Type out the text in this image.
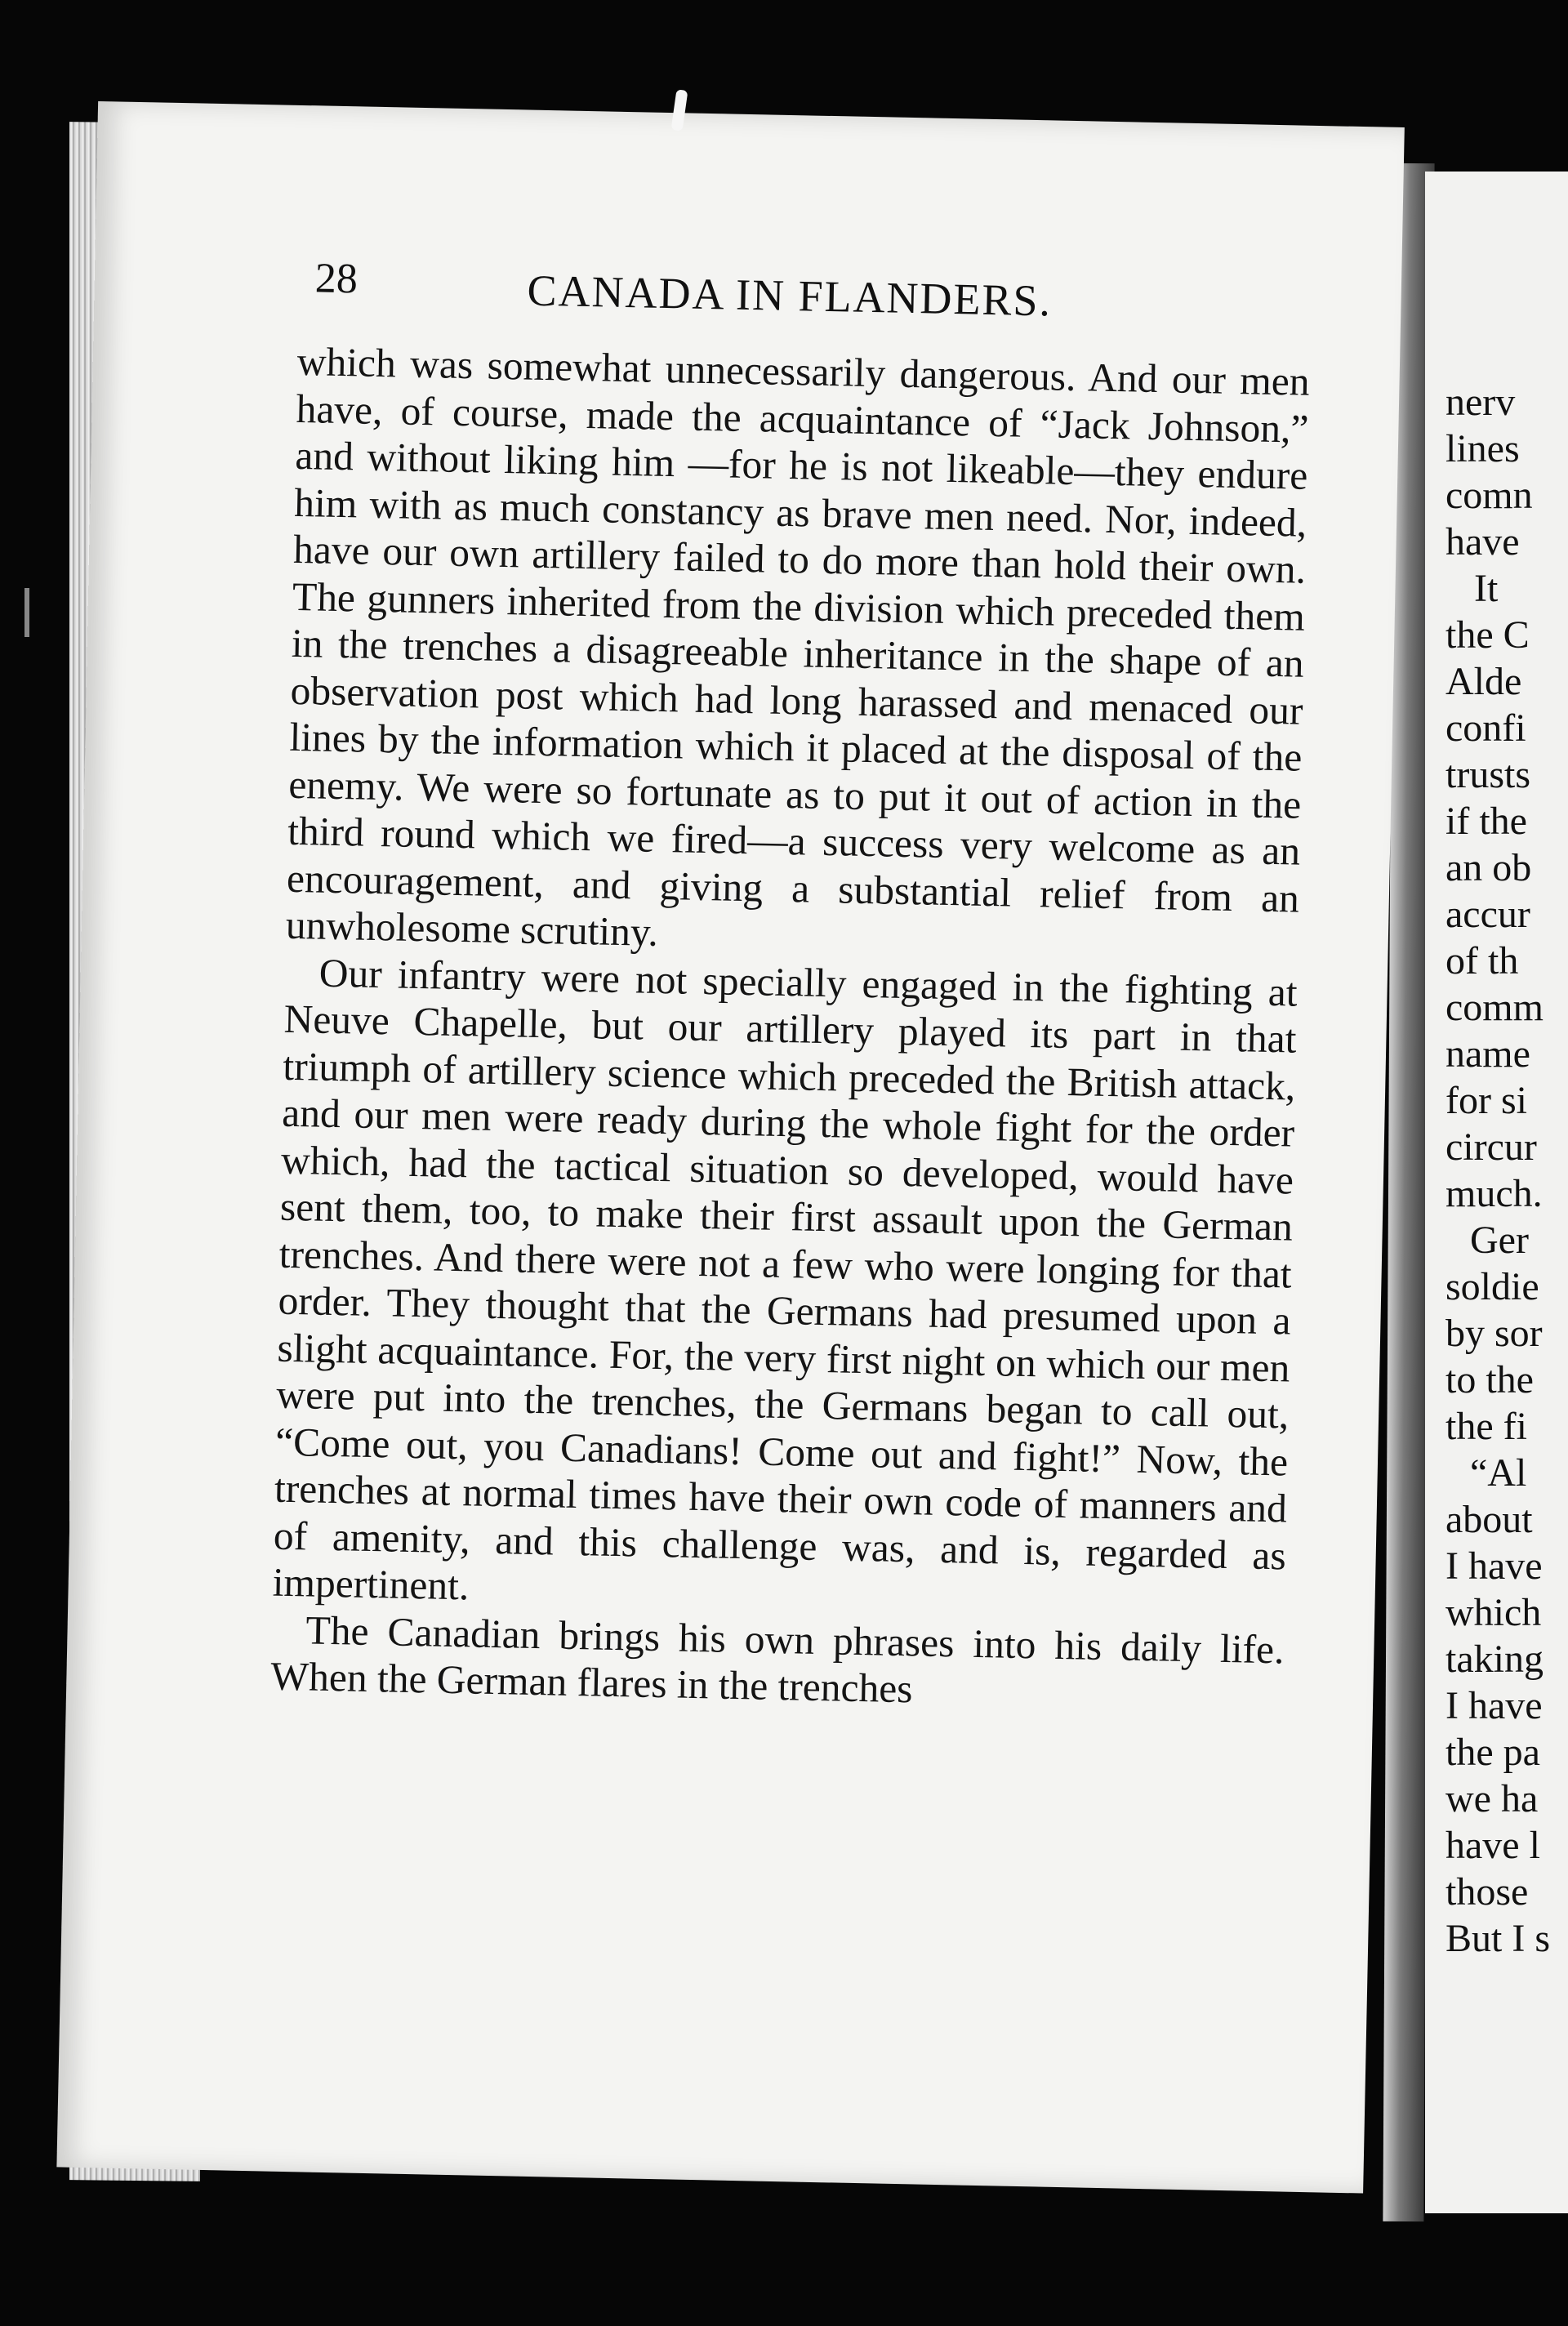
nerv
lines
comn
have
It
the C
Alde
confi
trusts
if the
an ob
accur
of th
comm
name
for si
circur
much.
Ger
soldie
by sor
to the
the fi
“Al
about
I have
which
taking
I have
the pa
we ha
have l
those
But I s
28	CANADA IN FLANDERS.

which was somewhat unnecessarily dangerous. And our men have, of course, made the acquaintance of “Jack Johnson,” and without liking him —for he is not likeable—they endure him with as much constancy as brave men need. Nor, indeed, have our own artillery failed to do more than hold their own. The gunners inherited from the division which preceded them in the trenches a disagreeable inheritance in the shape of an observation post which had long harassed and menaced our lines by the information which it placed at the disposal of the enemy. We were so fortunate as to put it out of action in the third round which we fired—a success very welcome as an encouragement, and giving a substantial relief from an unwholesome scrutiny.

Our infantry were not specially engaged in the fighting at Neuve Chapelle, but our artillery played its part in that triumph of artillery science which preceded the British attack, and our men were ready during the whole fight for the order which, had the tactical situation so developed, would have sent them, too, to make their first assault upon the German trenches. And there were not a few who were longing for that order. They thought that the Germans had presumed upon a slight acquaintance. For, the very first night on which our men were put into the trenches, the Germans began to call out, “Come out, you Canadians! Come out and fight!” Now, the trenches at normal times have their own code of manners and of amenity, and this challenge was, and is, regarded as impertinent.

The Canadian brings his own phrases into his daily life. When the German flares in the trenches
